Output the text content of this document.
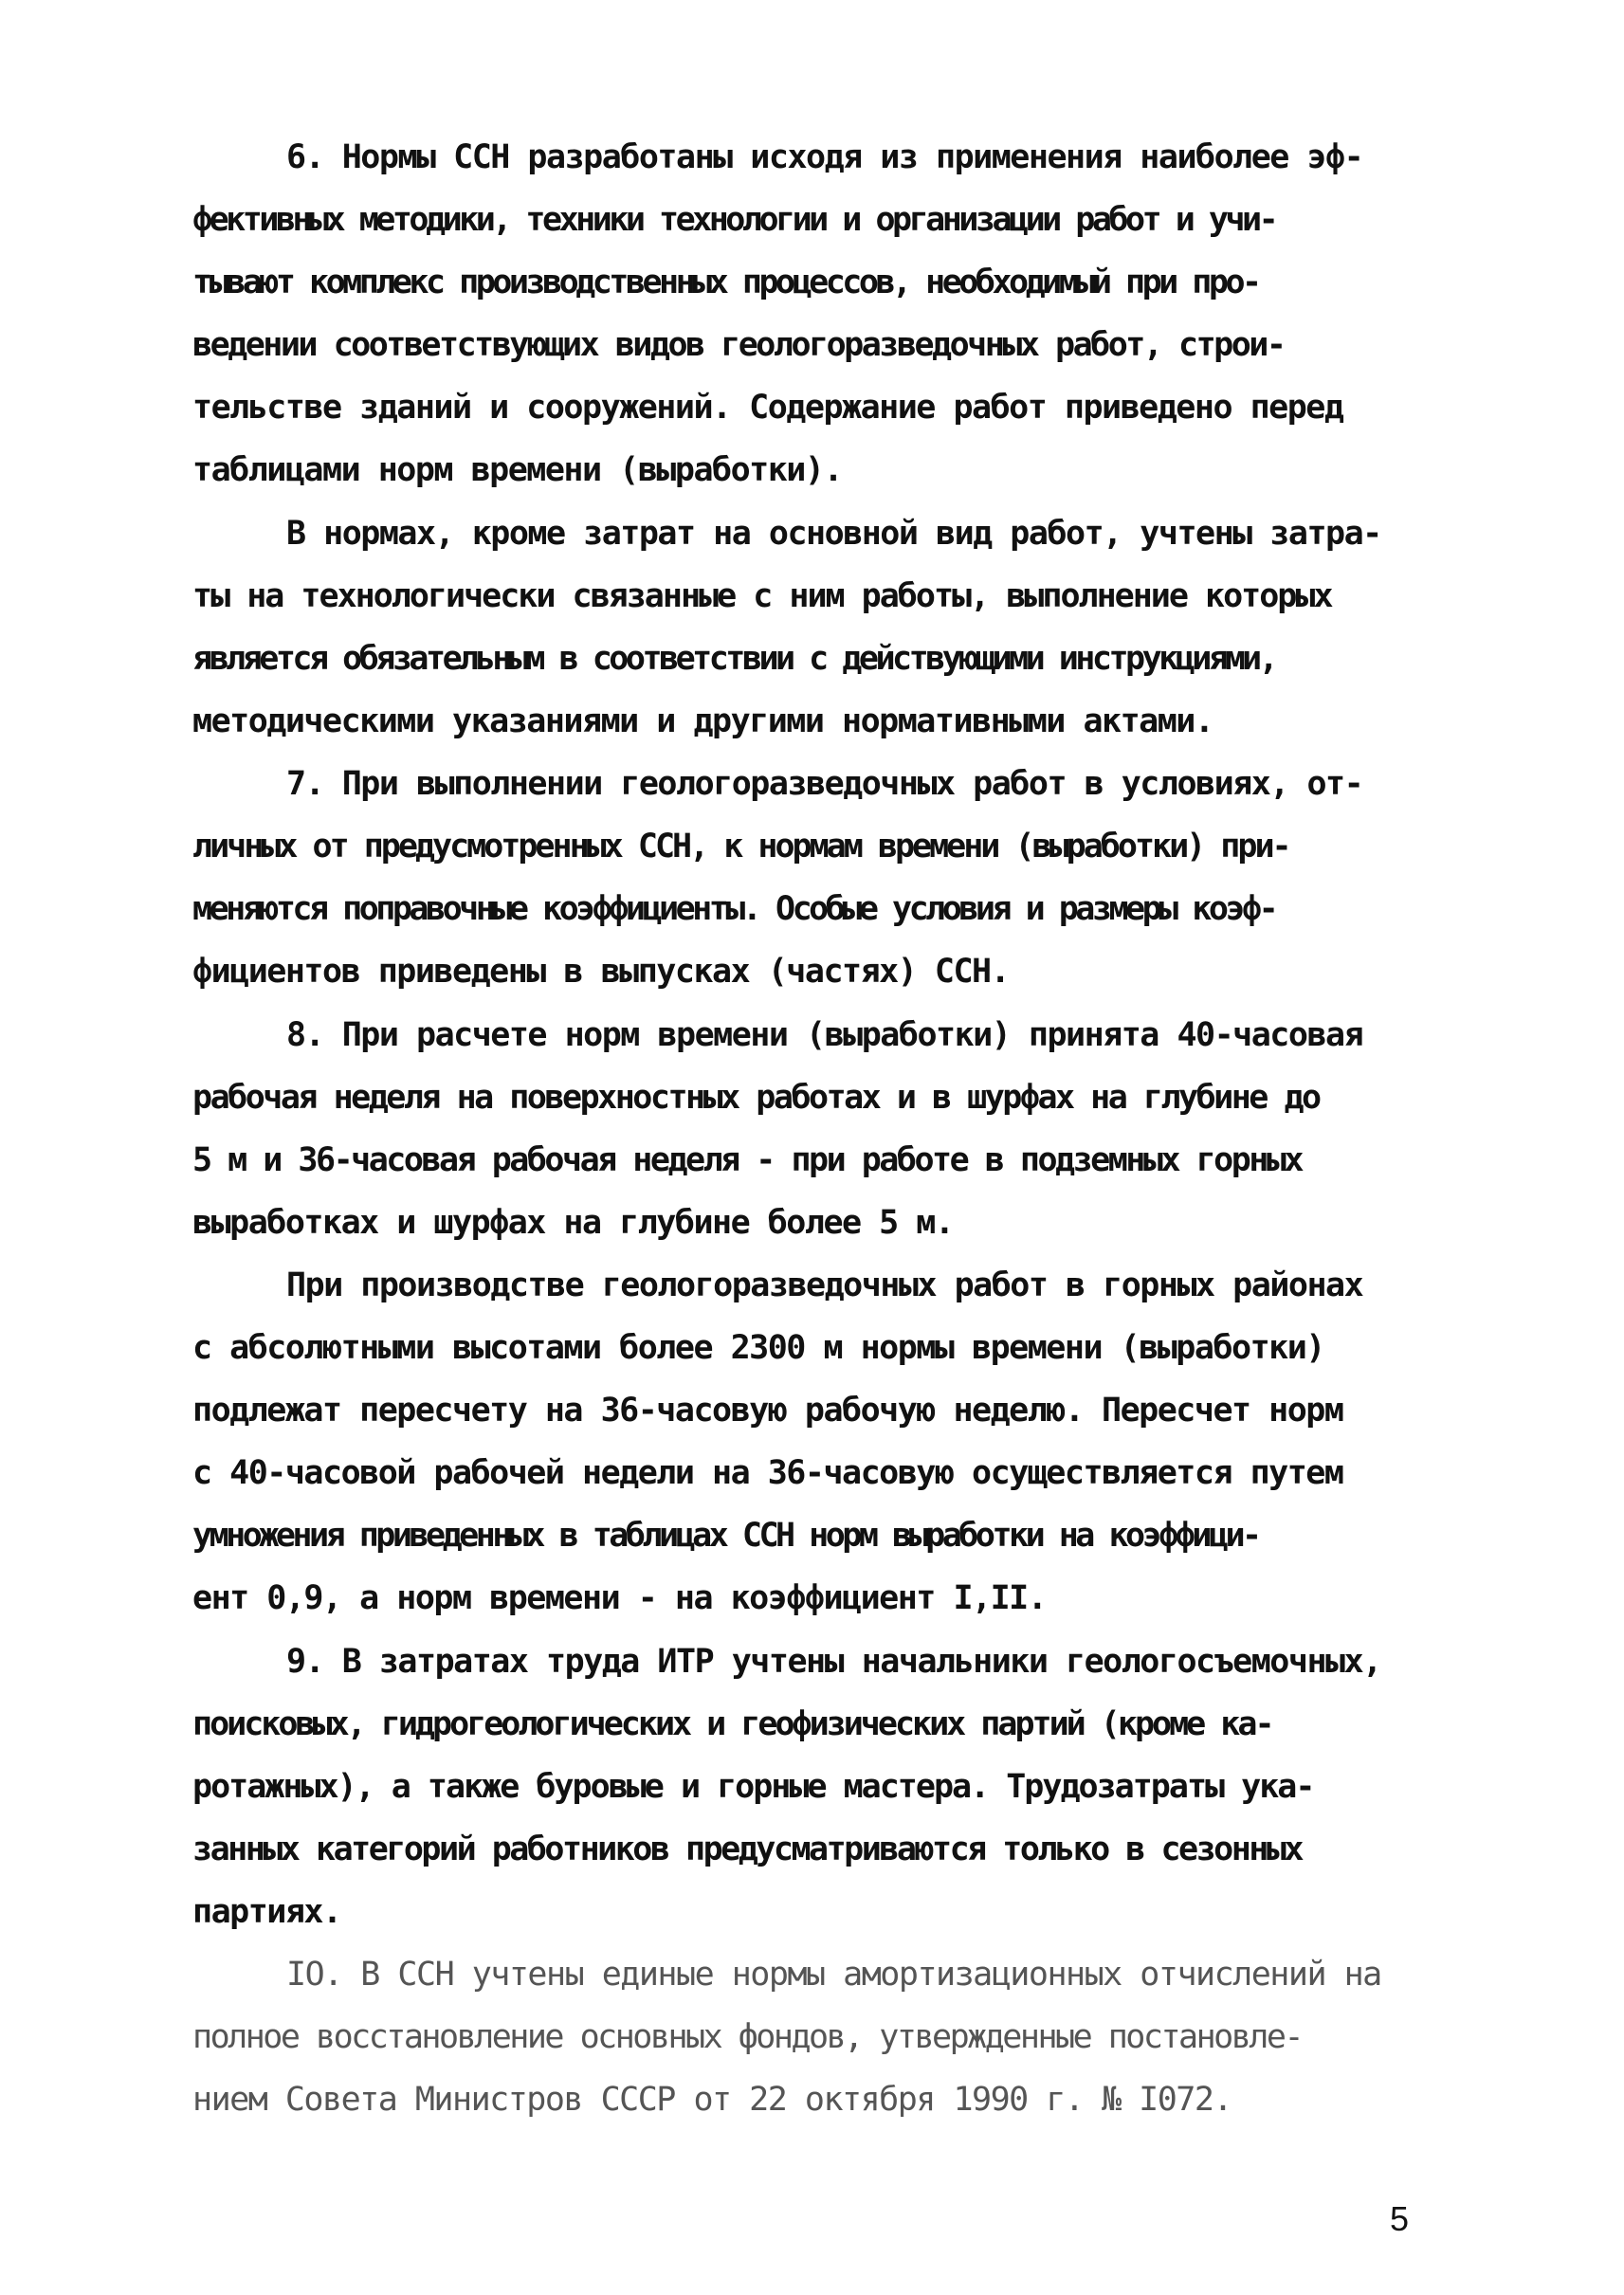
6. Нормы ССН разработаны исходя из применения наиболее эф-
фективных методики, техники технологии и организации работ и учи-
тывают комплекс производственных процессов, необходимый при про-
ведении соответствующих видов геологоразведочных работ, строи-
тельстве зданий и сооружений. Содержание работ приведено перед
таблицами норм времени (выработки).
В нормах, кроме затрат на основной вид работ, учтены затра-
ты на технологически связанные с ним работы, выполнение которых
является обязательным в соответствии с действующими инструкциями,
методическими указаниями и другими нормативными актами.
7. При выполнении геологоразведочных работ в условиях, от-
личных от предусмотренных ССН, к нормам времени (выработки) при-
меняются поправочные коэффициенты. Особые условия и размеры коэф-
фициентов приведены в выпусках (частях) ССН.
8. При расчете норм времени (выработки) принята 40-часовая
рабочая неделя на поверхностных работах и в шурфах на глубине до
5 м и 36-часовая рабочая неделя - при работе в подземных горных
выработках и шурфах на глубине более 5 м.
При производстве геологоразведочных работ в горных районах
с абсолютными высотами более 2300 м нормы времени (выработки)
подлежат пересчету на 36-часовую рабочую неделю. Пересчет норм
с 40-часовой рабочей недели на 36-часовую осуществляется путем
умножения приведенных в таблицах ССН норм выработки на коэффици-
ент 0,9, а норм времени - на коэффициент I,II.
9. В затратах труда ИТР учтены начальники геологосъемочных,
поисковых, гидрогеологических и геофизических партий (кроме ка-
ротажных), а также буровые и горные мастера. Трудозатраты ука-
занных категорий работников предусматриваются только в сезонных
партиях.
IO. В ССН учтены единые нормы амортизационных отчислений на
полное восстановление основных фондов, утвержденные постановле-
нием Совета Министров СССР от 22 октября 1990 г. № I072.
5
